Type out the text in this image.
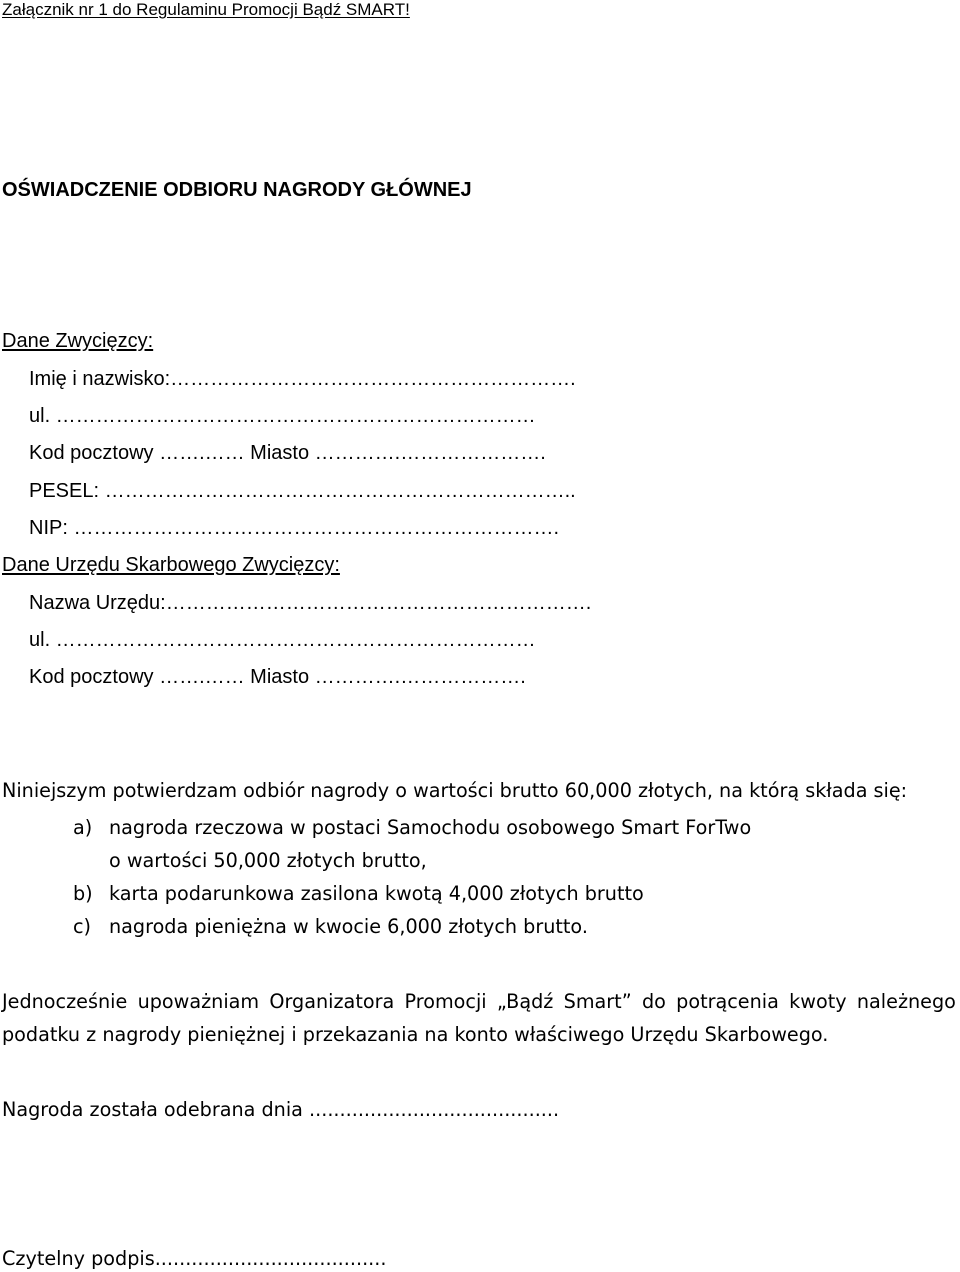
Załącznik nr 1 do Regulaminu Promocji Bądź SMART!
OŚWIADCZENIE ODBIORU NAGRODY GŁÓWNEJ
Dane Zwycięzcy:
Imię i nazwisko:…………………………………………………….
ul. ………………………………………………………………
Kod pocztowy …….…… Miasto ………….………………….
PESEL: ……………………………………………………………..
NIP: ……………………………………………………………….
Dane Urzędu Skarbowego Zwycięzcy:
Nazwa Urzędu:……………………………………………………….
ul. ………………………………………………………………
Kod pocztowy …….…… Miasto ………….……………….
Niniejszym potwierdzam odbiór nagrody o wartości brutto 60,000 złotych, na którą składa się:
a) nagroda rzeczowa w postaci Samochodu osobowego Smart ForTwo
o wartości 50,000 złotych brutto,
b) karta podarunkowa zasilona kwotą 4,000 złotych brutto
c) nagroda pieniężna w kwocie 6,000 złotych brutto.
Jednocześnie upoważniam Organizatora Promocji „Bądź Smart” do potrącenia kwoty należnego
podatku z nagrody pieniężnej i przekazania na konto właściwego Urzędu Skarbowego.
Nagroda została odebrana dnia .........................................
Czytelny podpis......................................
